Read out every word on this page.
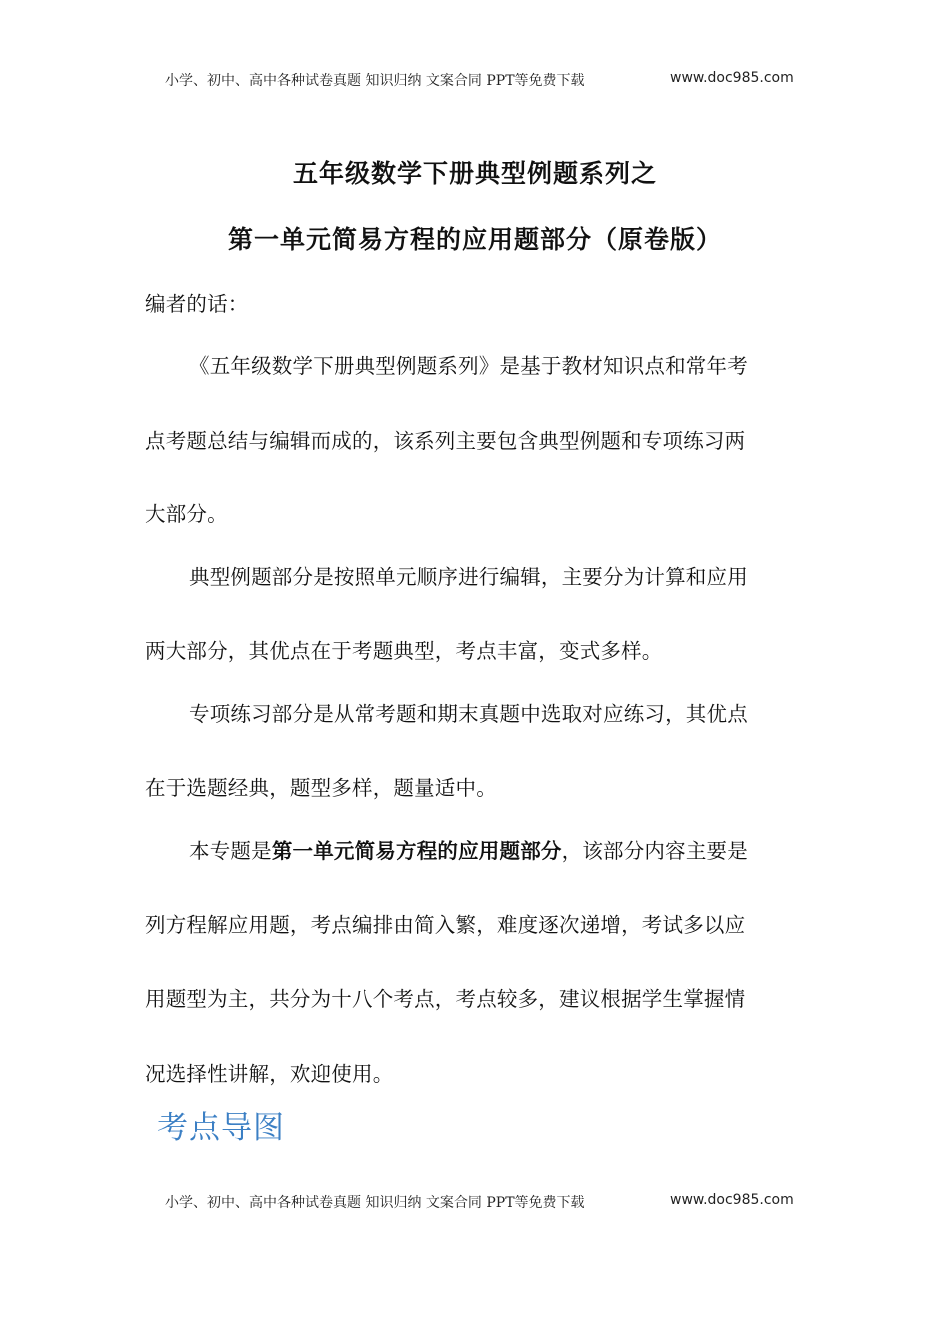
小学、初中、高中各种试卷真题 知识归纳 文案合同 PPT等免费下载	www.doc985.com
五年级数学下册典型例题系列之
第一单元简易方程的应用题部分（原卷版）
编者的话：
《五年级数学下册典型例题系列》是基于教材知识点和常年考
点考题总结与编辑而成的，该系列主要包含典型例题和专项练习两
大部分。
典型例题部分是按照单元顺序进行编辑，主要分为计算和应用
两大部分，其优点在于考题典型，考点丰富，变式多样。
专项练习部分是从常考题和期末真题中选取对应练习，其优点
在于选题经典，题型多样，题量适中。
本专题是第一单元简易方程的应用题部分，该部分内容主要是
列方程解应用题，考点编排由简入繁，难度逐次递增，考试多以应
用题型为主，共分为十八个考点，考点较多，建议根据学生掌握情
况选择性讲解，欢迎使用。
考点导图
小学、初中、高中各种试卷真题 知识归纳 文案合同 PPT等免费下载	www.doc985.com
